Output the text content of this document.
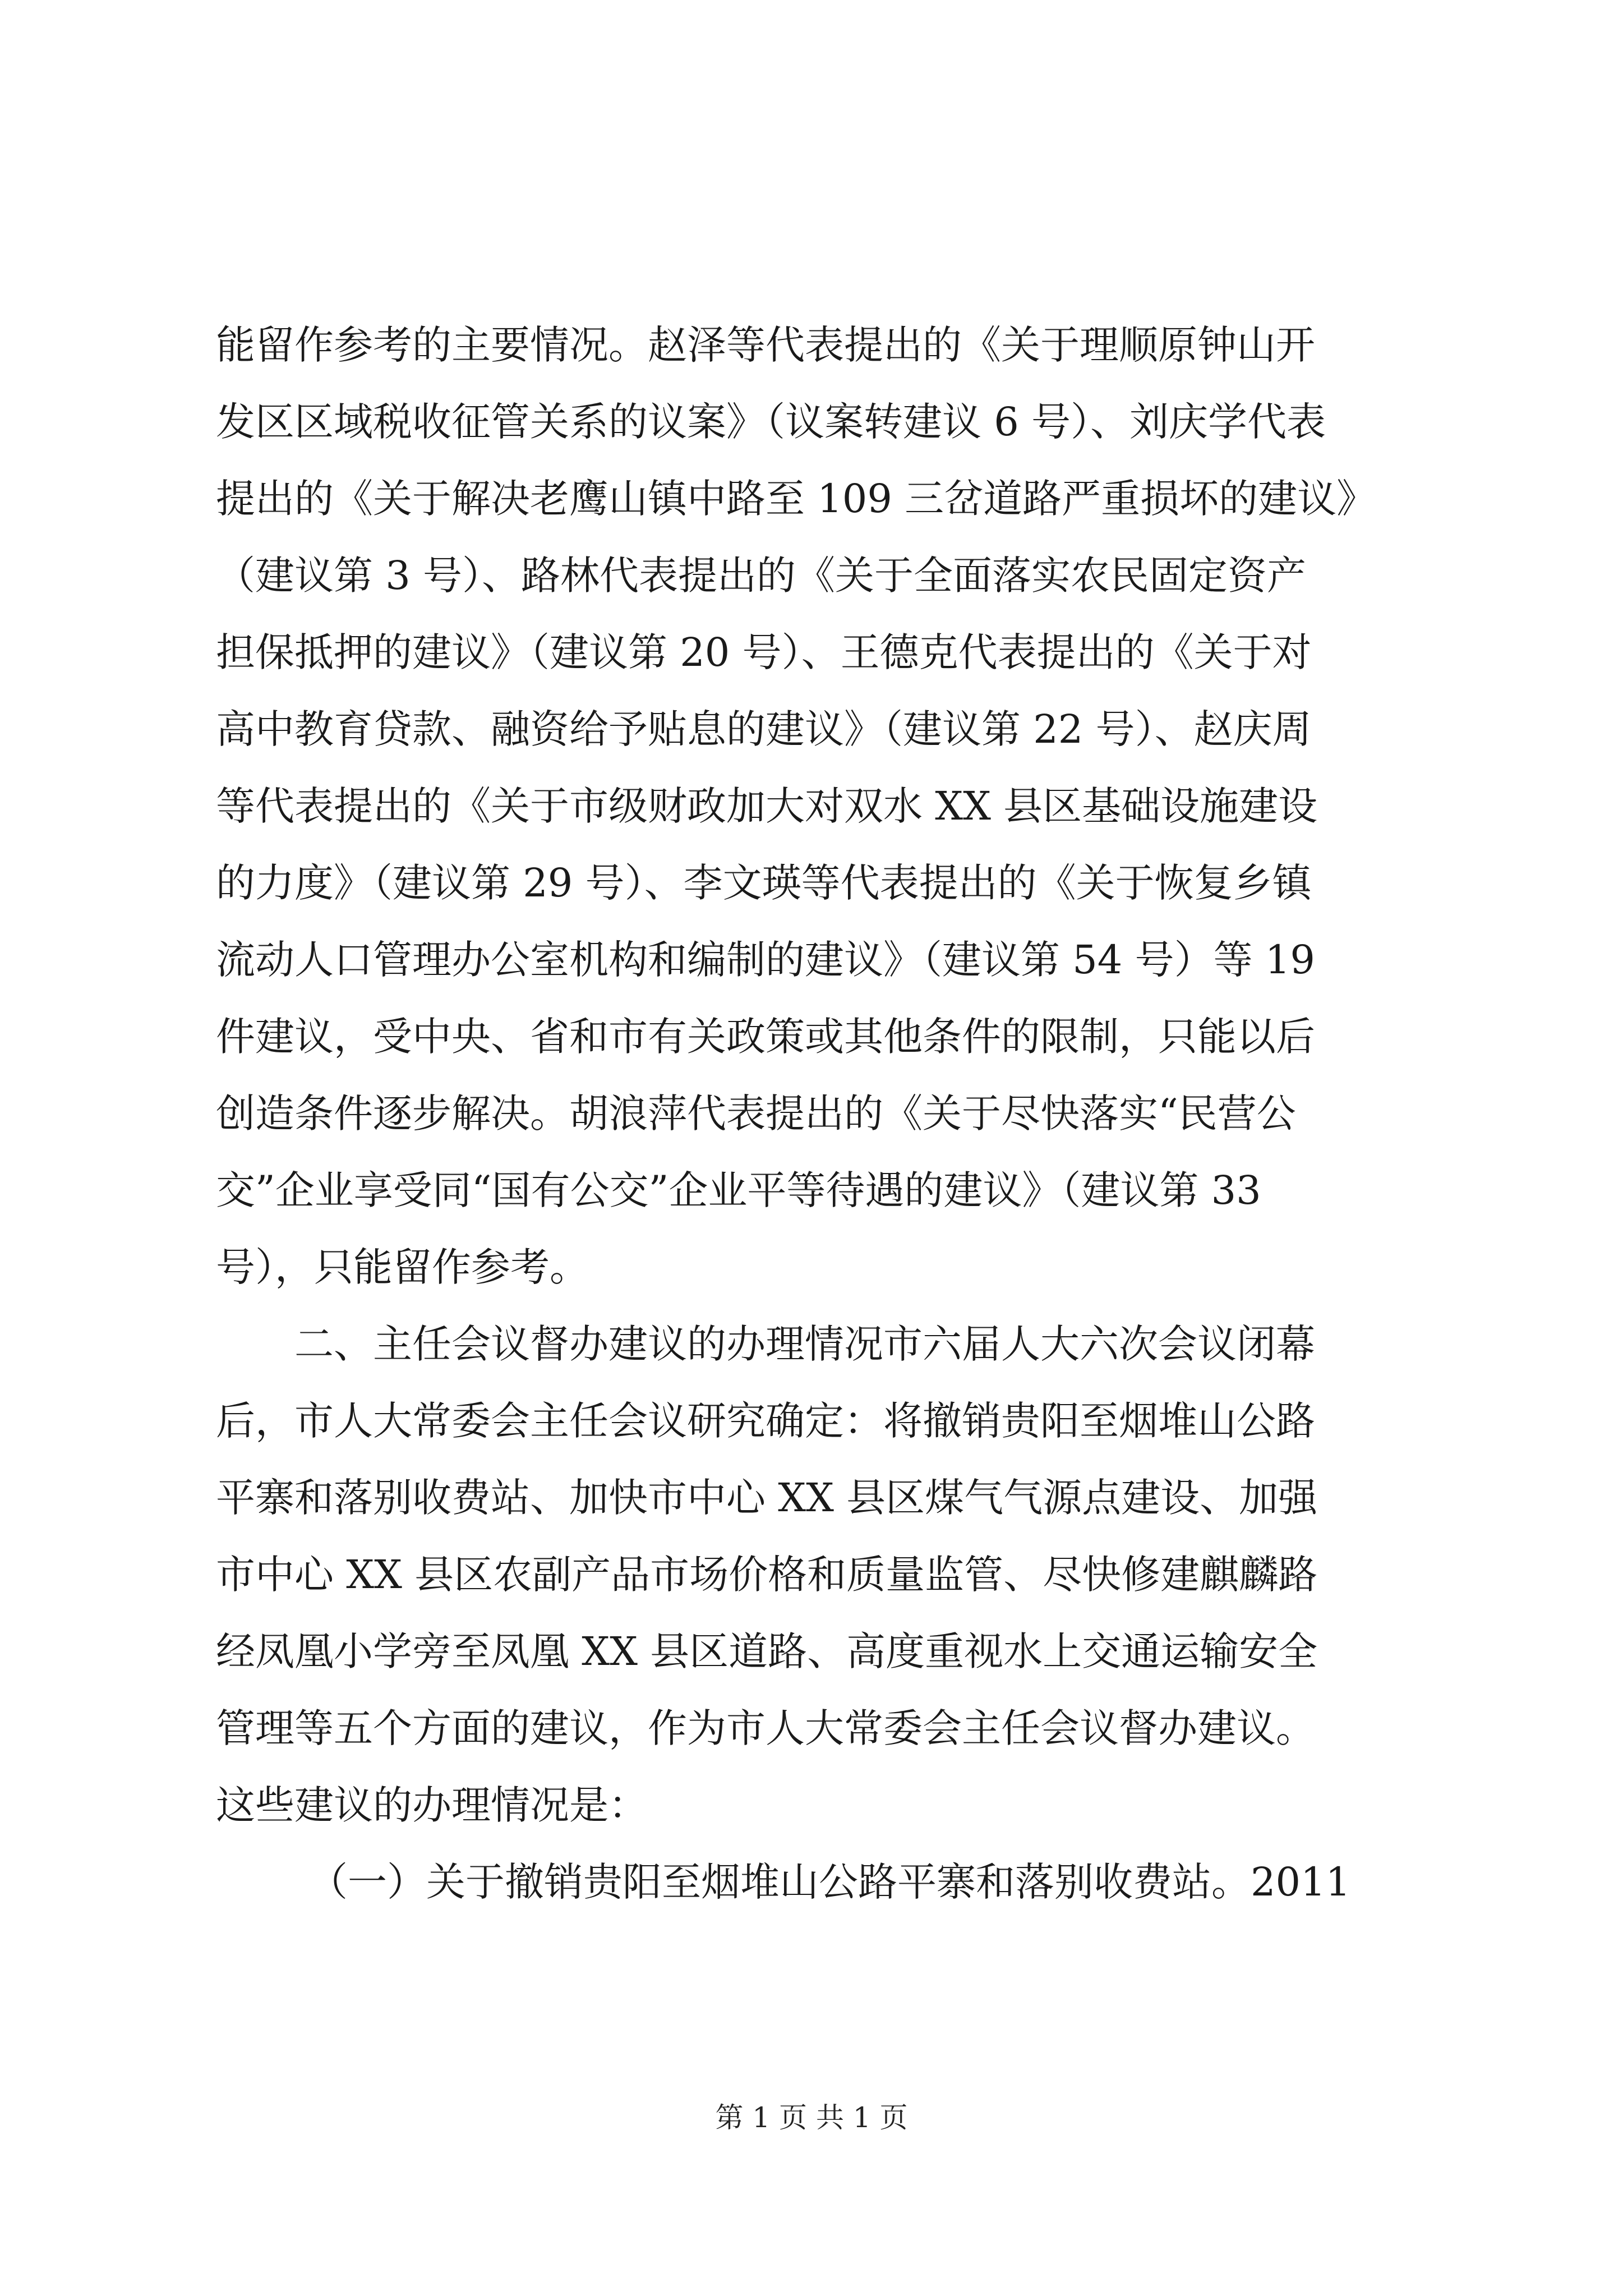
能留作参考的主要情况。赵泽等代表提出的《关于理顺原钟山开
发区区域税收征管关系的议案》（议案转建议 6 号）、刘庆学代表
提出的《关于解决老鹰山镇中路至 109 三岔道路严重损坏的建议》
（建议第 3 号）、路林代表提出的《关于全面落实农民固定资产
担保抵押的建议》（建议第 20 号）、王德克代表提出的《关于对
高中教育贷款、融资给予贴息的建议》（建议第 22 号）、赵庆周
等代表提出的《关于市级财政加大对双水 XX 县区基础设施建设
的力度》（建议第 29 号）、李文瑛等代表提出的《关于恢复乡镇
流动人口管理办公室机构和编制的建议》（建议第 54 号）等 19
件建议，受中央、省和市有关政策或其他条件的限制，只能以后
创造条件逐步解决。胡浪萍代表提出的《关于尽快落实“民营公
交”企业享受同“国有公交”企业平等待遇的建议》（建议第 33
号），只能留作参考。
二、主任会议督办建议的办理情况市六届人大六次会议闭幕
后，市人大常委会主任会议研究确定：将撤销贵阳至烟堆山公路
平寨和落别收费站、加快市中心 XX 县区煤气气源点建设、加强
市中心 XX 县区农副产品市场价格和质量监管、尽快修建麒麟路
经凤凰小学旁至凤凰 XX 县区道路、高度重视水上交通运输安全
管理等五个方面的建议，作为市人大常委会主任会议督办建议。
这些建议的办理情况是：
（一）关于撤销贵阳至烟堆山公路平寨和落别收费站。2011
第 1 页 共 1 页
